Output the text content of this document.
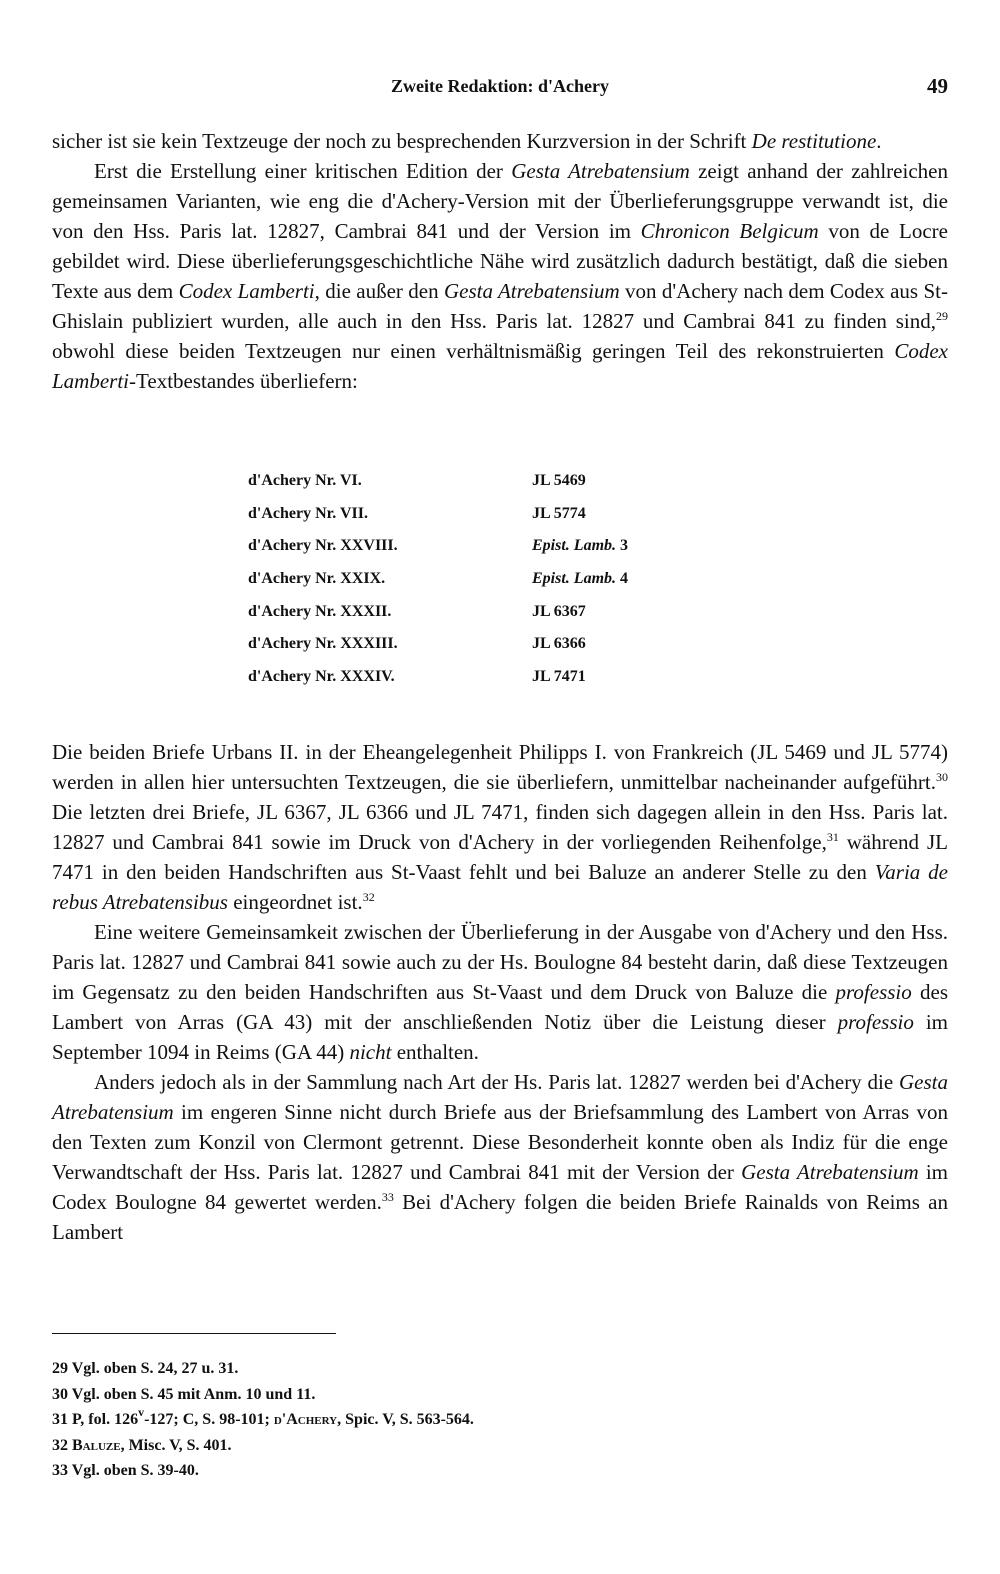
Zweite Redaktion: d'Achery	49

sicher ist sie kein Textzeuge der noch zu besprechenden Kurzversion in der Schrift De restitutione.

Erst die Erstellung einer kritischen Edition der Gesta Atrebatensium zeigt anhand der zahlreichen gemeinsamen Varianten, wie eng die d'Achery-Version mit der Überlieferungsgruppe verwandt ist, die von den Hss. Paris lat. 12827, Cambrai 841 und der Version im Chronicon Belgicum von de Locre gebildet wird. Diese überlieferungsgeschichtliche Nähe wird zusätzlich dadurch bestätigt, daß die sieben Texte aus dem Codex Lamberti, die außer den Gesta Atrebatensium von d'Achery nach dem Codex aus St-Ghislain publiziert wurden, alle auch in den Hss. Paris lat. 12827 und Cambrai 841 zu finden sind,$^{29}$ obwohl diese beiden Textzeugen nur einen verhältnismäßig geringen Teil des rekonstruierten Codex Lamberti-Textbestandes überliefern:

d'Achery Nr. VI.	JL 5469
d'Achery Nr. VII.	JL 5774
d'Achery Nr. XXVIII.	Epist. Lamb. 3
d'Achery Nr. XXIX.	Epist. Lamb. 4
d'Achery Nr. XXXII.	JL 6367
d'Achery Nr. XXXIII.	JL 6366
d'Achery Nr. XXXIV.	JL 7471

Die beiden Briefe Urbans II. in der Eheangelegenheit Philipps I. von Frankreich (JL 5469 und JL 5774) werden in allen hier untersuchten Textzeugen, die sie überliefern, unmittelbar nacheinander aufgeführt.$^{30}$ Die letzten drei Briefe, JL 6367, JL 6366 und JL 7471, finden sich dagegen allein in den Hss. Paris lat. 12827 und Cambrai 841 sowie im Druck von d'Achery in der vorliegenden Reihenfolge,$^{31}$ während JL 7471 in den beiden Handschriften aus St-Vaast fehlt und bei Baluze an anderer Stelle zu den Varia de rebus Atrebatensibus eingeordnet ist.$^{32}$

Eine weitere Gemeinsamkeit zwischen der Überlieferung in der Ausgabe von d'Achery und den Hss. Paris lat. 12827 und Cambrai 841 sowie auch zu der Hs. Boulogne 84 besteht darin, daß diese Textzeugen im Gegensatz zu den beiden Handschriften aus St-Vaast und dem Druck von Baluze die professio des Lambert von Arras (GA 43) mit der anschließenden Notiz über die Leistung dieser professio im September 1094 in Reims (GA 44) nicht enthalten.

Anders jedoch als in der Sammlung nach Art der Hs. Paris lat. 12827 werden bei d'Achery die Gesta Atrebatensium im engeren Sinne nicht durch Briefe aus der Briefsammlung des Lambert von Arras von den Texten zum Konzil von Clermont getrennt. Diese Besonderheit konnte oben als Indiz für die enge Verwandtschaft der Hss. Paris lat. 12827 und Cambrai 841 mit der Version der Gesta Atrebatensium im Codex Boulogne 84 gewertet werden.$^{33}$ Bei d'Achery folgen die beiden Briefe Rainalds von Reims an Lambert

29 Vgl. oben S. 24, 27 u. 31.
30 Vgl. oben S. 45 mit Anm. 10 und 11.
31 P, fol. 126$^v$-127; C, S. 98-101; d'Achery, Spic. V, S. 563-564.
32 Baluze, Misc. V, S. 401.
33 Vgl. oben S. 39-40.
